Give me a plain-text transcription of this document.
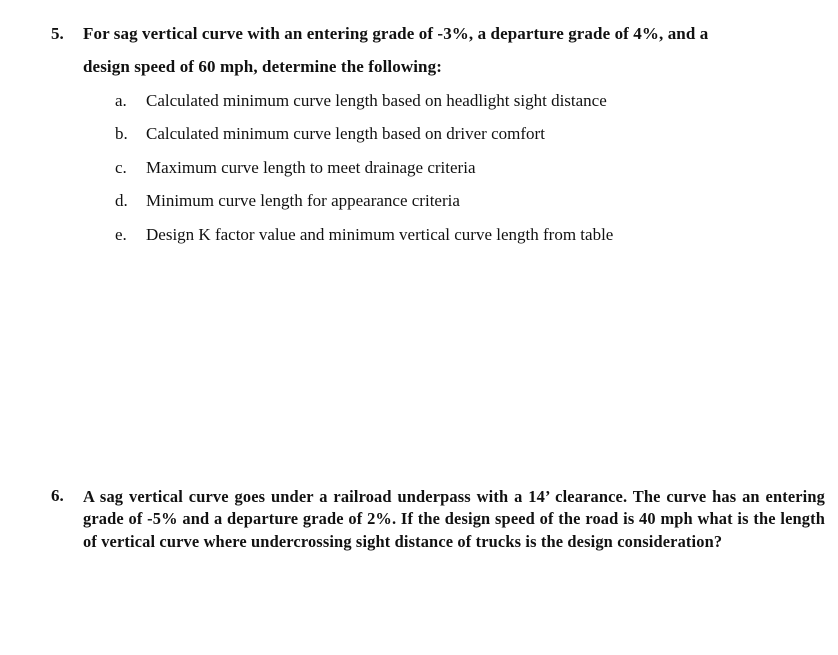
5. For sag vertical curve with an entering grade of -3%, a departure grade of 4%, and a
design speed of 60 mph, determine the following:
a. Calculated minimum curve length based on headlight sight distance
b. Calculated minimum curve length based on driver comfort
c. Maximum curve length to meet drainage criteria
d. Minimum curve length for appearance criteria
e. Design K factor value and minimum vertical curve length from table
6. A sag vertical curve goes under a railroad underpass with a 14’ clearance. The curve has an entering grade of -5% and a departure grade of 2%. If the design speed of the road is 40 mph what is the length of vertical curve where undercrossing sight distance of trucks is the design consideration?
